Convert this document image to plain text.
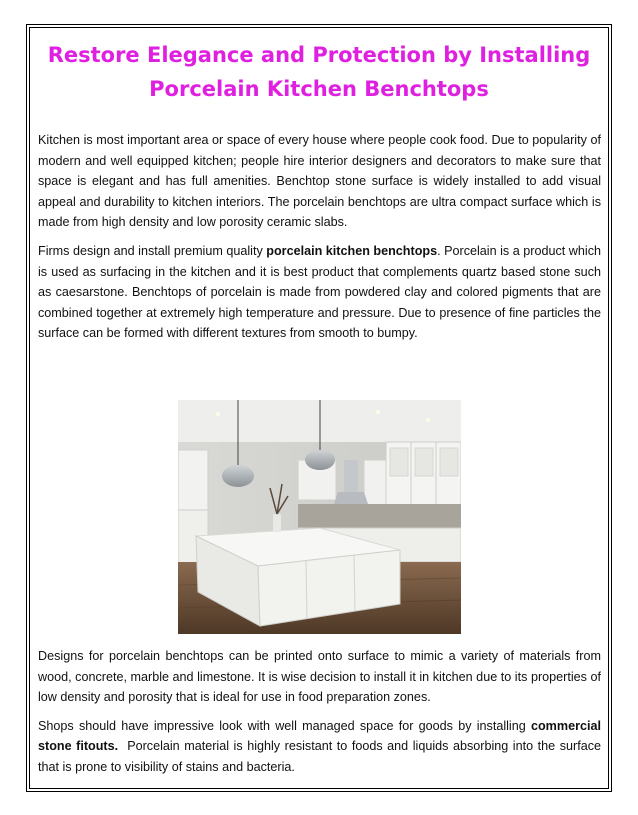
Restore Elegance and Protection by Installing Porcelain Kitchen Benchtops

Kitchen is most important area or space of every house where people cook food. Due to popularity of modern and well equipped kitchen; people hire interior designers and decorators to make sure that space is elegant and has full amenities. Benchtop stone surface is widely installed to add visual appeal and durability to kitchen interiors. The porcelain benchtops are ultra compact surface which is made from high density and low porosity ceramic slabs.

Firms design and install premium quality porcelain kitchen benchtops. Porcelain is a product which is used as surfacing in the kitchen and it is best product that complements quartz based stone such as caesarstone. Benchtops of porcelain is made from powdered clay and colored pigments that are combined together at extremely high temperature and pressure. Due to presence of fine particles the surface can be formed with different textures from smooth to bumpy.

Designs for porcelain benchtops can be printed onto surface to mimic a variety of materials from wood, concrete, marble and limestone. It is wise decision to install it in kitchen due to its properties of low density and porosity that is ideal for use in food preparation zones.

Shops should have impressive look with well managed space for goods by installing commercial stone fitouts.  Porcelain material is highly resistant to foods and liquids absorbing into the surface that is prone to visibility of stains and bacteria.
